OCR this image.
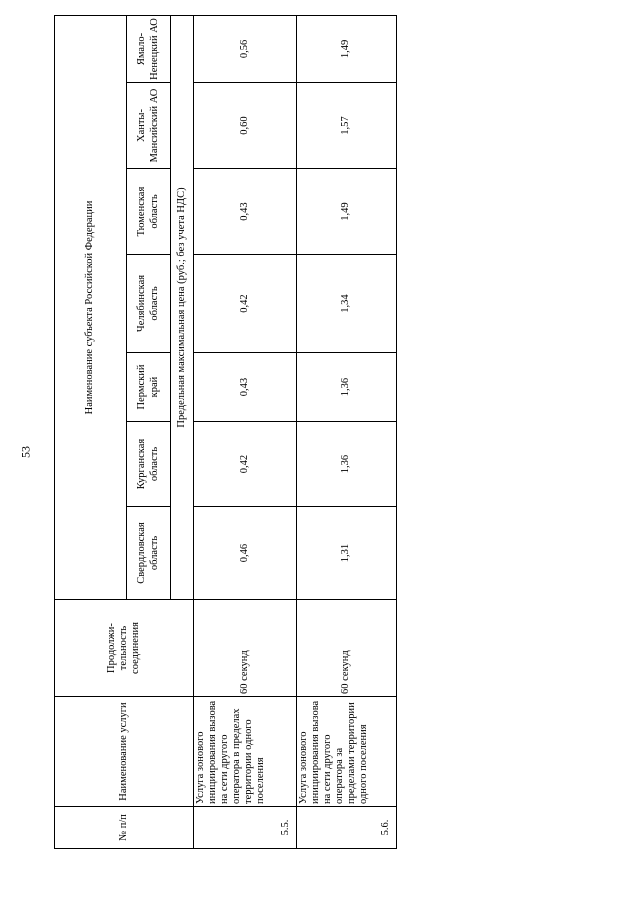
53
№ п/п	Наименование услуги	Продолжи-тельность соединения	Наименование субъекта Российской Федерации						
			Свердловская область	Курганская область	Пермский край	Челябинская область	Тюменская область	Ханты-Мансийский АО	Ямало-Ненецкий АО
			Предельная максимальная цена (руб.; без учета НДС)						
5.5.	Услуга зонового инициирования вызова на сети другого оператора в пределах территории одного поселения	60 секунд	0,46	0,42	0,43	0,42	0,43	0,60	0,56
5.6.	Услуга зонового инициирования вызова на сети другого оператора за пределами территории одного поселения	60 секунд	1,31	1,36	1,36	1,34	1,49	1,57	1,49
